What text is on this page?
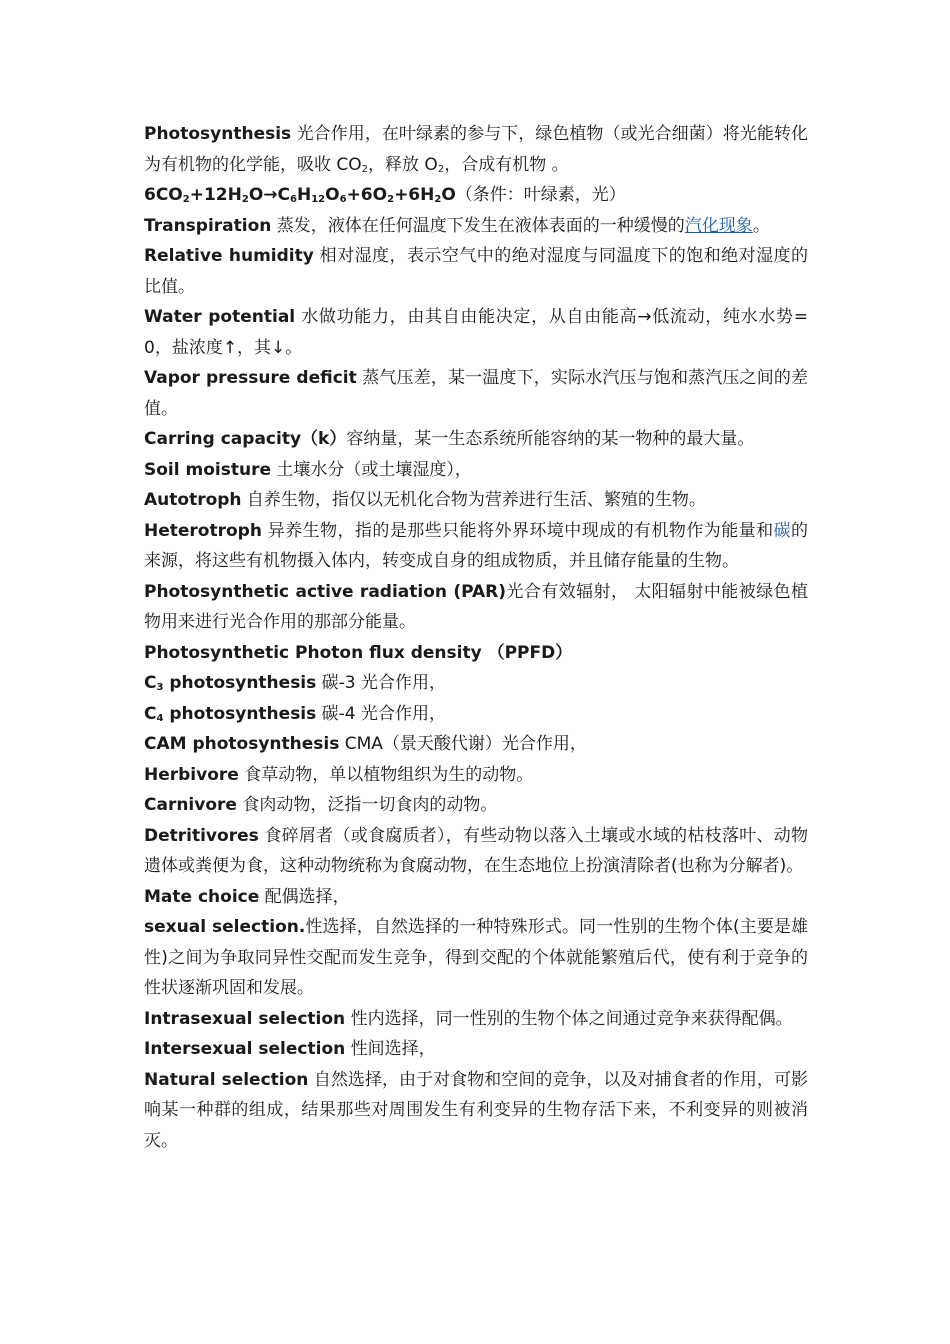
Photosynthesis 光合作用，在叶绿素的参与下，绿色植物（或光合细菌）将光能转化为有机物的化学能，吸收 $CO_2$，释放 $O_2$，合成有机物 。

$6CO_2+12H_2O\to C_6H_{12}O_6+6O_2+6H_2O$（条件：叶绿素，光）

Transpiration 蒸发，液体在任何温度下发生在液体表面的一种缓慢的汽化现象。

Relative humidity 相对湿度，表示空气中的绝对湿度与同温度下的饱和绝对湿度的比值。

Water potential 水做功能力，由其自由能决定，从自由能高→低流动，纯水水势=0，盐浓度↑，其↓。

Vapor pressure deficit 蒸气压差，某一温度下，实际水汽压与饱和蒸汽压之间的差值。

Carring capacity（k）容纳量，某一生态系统所能容纳的某一物种的最大量。

Soil moisture 土壤水分（或土壤湿度），

Autotroph 自养生物，指仅以无机化合物为营养进行生活、繁殖的生物。

Heterotroph 异养生物，指的是那些只能将外界环境中现成的有机物作为能量和碳的来源，将这些有机物摄入体内，转变成自身的组成物质，并且储存能量的生物。

Photosynthetic active radiation (PAR)光合有效辐射， 太阳辐射中能被绿色植物用来进行光合作用的那部分能量。

Photosynthetic Photon flux density （PPFD）

$C_3$ photosynthesis 碳-3 光合作用，

$C_4$ photosynthesis 碳-4 光合作用，

CAM photosynthesis CMA（景天酸代谢）光合作用，

Herbivore 食草动物，单以植物组织为生的动物。

Carnivore 食肉动物，泛指一切食肉的动物。

Detritivores 食碎屑者（或食腐质者），有些动物以落入土壤或水域的枯枝落叶、动物遗体或粪便为食，这种动物统称为食腐动物，在生态地位上扮演清除者(也称为分解者)。

Mate choice 配偶选择，

sexual selection.性选择，自然选择的一种特殊形式。同一性别的生物个体(主要是雄性)之间为争取同异性交配而发生竞争，得到交配的个体就能繁殖后代，使有利于竞争的性状逐渐巩固和发展。

Intrasexual selection 性内选择，同一性别的生物个体之间通过竞争来获得配偶。

Intersexual selection 性间选择，

Natural selection 自然选择，由于对食物和空间的竞争，以及对捕食者的作用，可影响某一种群的组成，结果那些对周围发生有利变异的生物存活下来，不利变异的则被消灭。
